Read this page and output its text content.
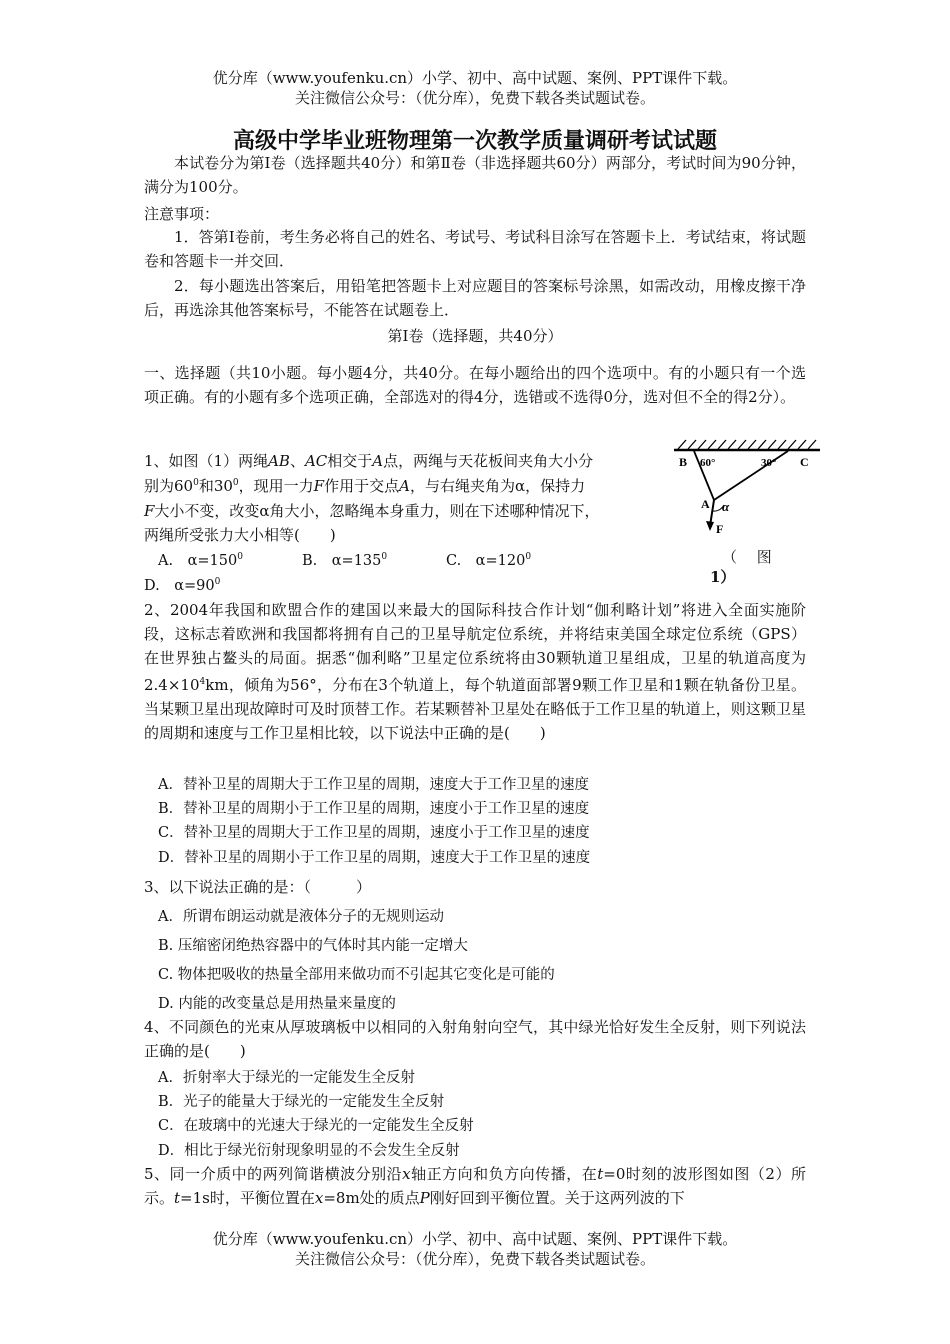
优分库（www.youfenku.cn）小学、初中、高中试题、案例、PPT课件下载。
关注微信公众号：（优分库），免费下载各类试题试卷。
高级中学毕业班物理第一次教学质量调研考试试题
本试卷分为第Ⅰ卷（选择题共40分）和第Ⅱ卷（非选择题共60分）两部分，考试时间为90分钟，满分为100分。
注意事项：
1．答第Ⅰ卷前，考生务必将自己的姓名、考试号、考试科目涂写在答题卡上．考试结束，将试题卷和答题卡一并交回．
2．每小题选出答案后，用铅笔把答题卡上对应题目的答案标号涂黑，如需改动，用橡皮擦干净后，再选涂其他答案标号，不能答在试题卷上．
第Ⅰ卷（选择题，共40分）
一、选择题（共10小题。每小题4分，共40分。在每小题给出的四个选项中。有的小题只有一个选项正确。有的小题有多个选项正确，全部选对的得4分，选错或不选得0分，选对但不全的得2分）。
1、如图（1）两绳AB、AC相交于A点，两绳与天花板间夹角大小分
别为$60^0$和$30^0$，现用一力F作用于交点A，与右绳夹角为α，保持力
F大小不变，改变α角大小，忽略绳本身重力，则在下述哪种情况下，
两绳所受张力大小相等(　　)
A.　$\alpha=150^0$	B.　$\alpha=135^0$	C.　$\alpha=120^0$
D.　$\alpha=90^0$
B 60°	30° C
A α
F
（　 图
1）
2、2004年我国和欧盟合作的建国以来最大的国际科技合作计划“伽利略计划”将进入全面实施阶段，这标志着欧洲和我国都将拥有自己的卫星导航定位系统，并将结束美国全球定位系统（GPS）在世界独占鳌头的局面。据悉“伽利略”卫星定位系统将由30颗轨道卫星组成，卫星的轨道高度为$2.4\times 10^4km$，倾角为56°，分布在3个轨道上，每个轨道面部署9颗工作卫星和1颗在轨备份卫星。当某颗卫星出现故障时可及时顶替工作。若某颗替补卫星处在略低于工作卫星的轨道上，则这颗卫星的周期和速度与工作卫星相比较，以下说法中正确的是(　　)
A．替补卫星的周期大于工作卫星的周期，速度大于工作卫星的速度
B．替补卫星的周期小于工作卫星的周期，速度小于工作卫星的速度
C．替补卫星的周期大于工作卫星的周期，速度小于工作卫星的速度
D．替补卫星的周期小于工作卫星的周期，速度大于工作卫星的速度
3、以下说法正确的是：（　　　）
A．所谓布朗运动就是液体分子的无规则运动
B. 压缩密闭绝热容器中的气体时其内能一定增大
C. 物体把吸收的热量全部用来做功而不引起其它变化是可能的
D. 内能的改变量总是用热量来量度的
4、不同颜色的光束从厚玻璃板中以相同的入射角射向空气，其中绿光恰好发生全反射，则下列说法正确的是(　　)
A．折射率大于绿光的一定能发生全反射
B．光子的能量大于绿光的一定能发生全反射
C．在玻璃中的光速大于绿光的一定能发生全反射
D．相比于绿光衍射现象明显的不会发生全反射
5、同一介质中的两列简谐横波分别沿x轴正方向和负方向传播，在t=0时刻的波形图如图（2）所示。t=1s时，平衡位置在x=8m处的质点P刚好回到平衡位置。关于这两列波的下
优分库（www.youfenku.cn）小学、初中、高中试题、案例、PPT课件下载。
关注微信公众号：（优分库），免费下载各类试题试卷。
